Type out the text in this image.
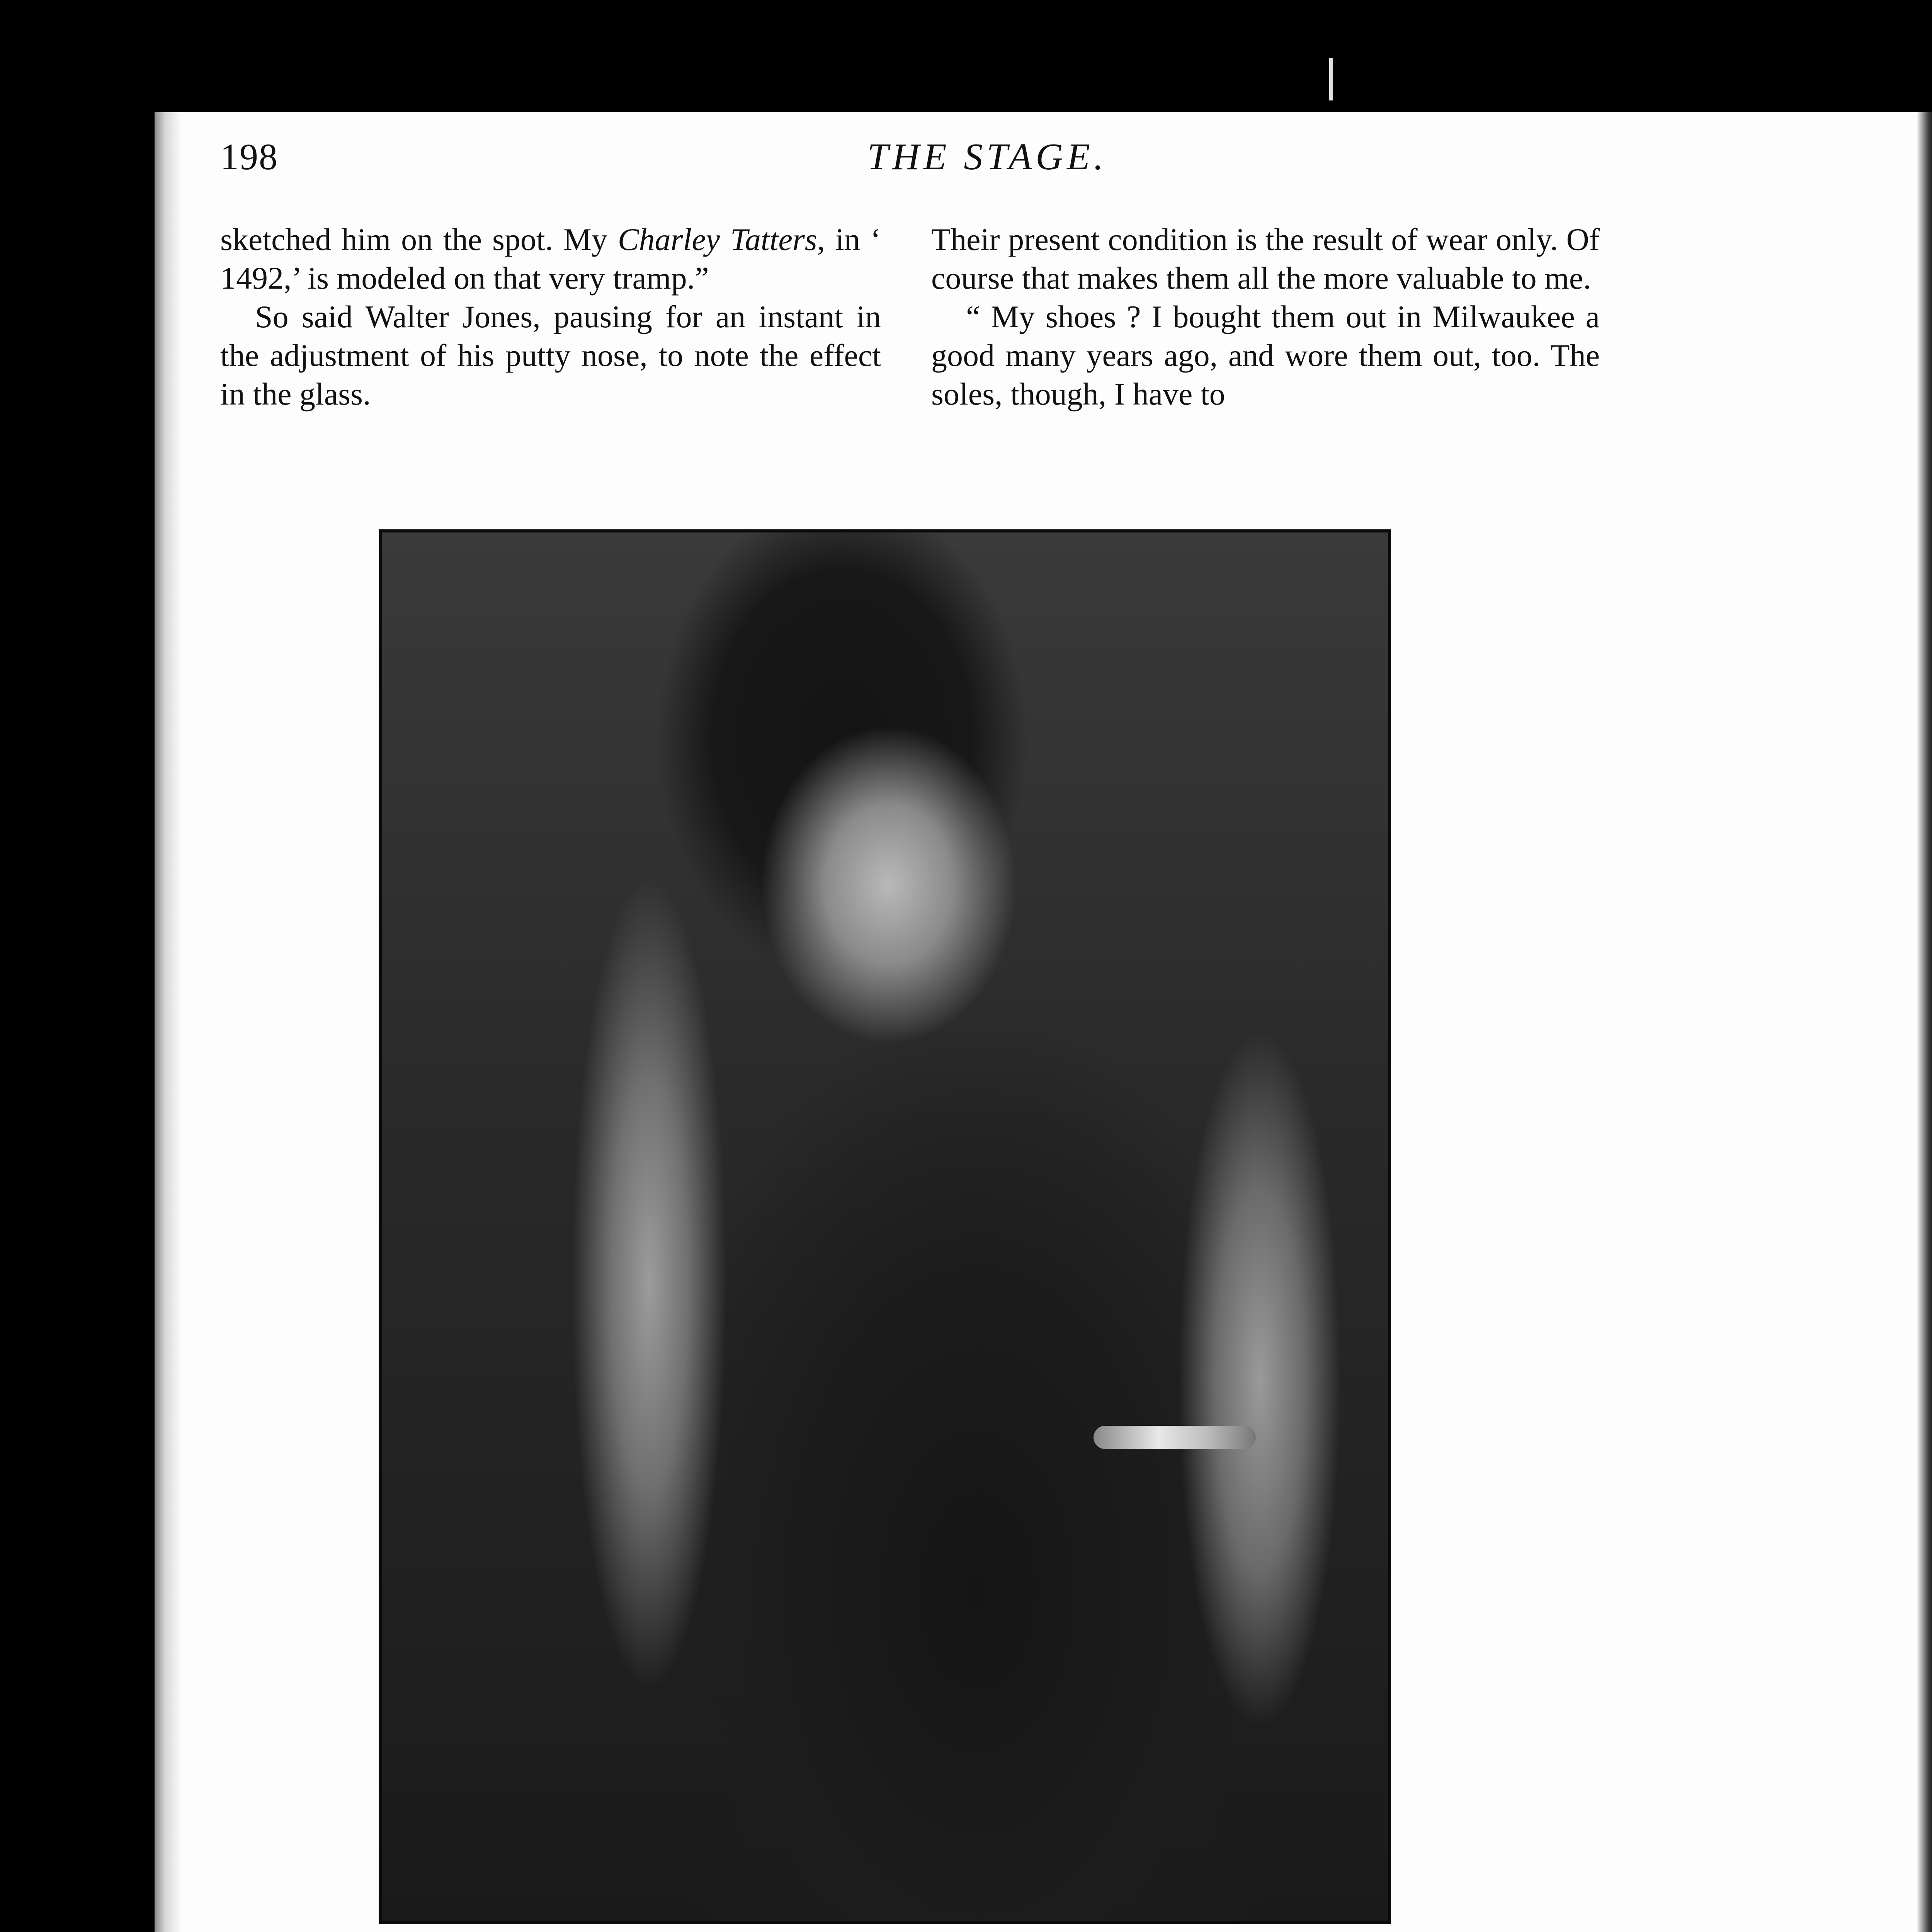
198	THE STAGE.

sketched him on the spot. My Charley Tatters, in ‘ 1492,’ is modeled on that very tramp.”

So said Walter Jones, pausing for an instant in the adjustment of his putty nose, to note the effect in the glass.

Their present condition is the result of wear only. Of course that makes them all the more valuable to me.

“ My shoes ? I bought them out in Milwaukee a good many years ago, and wore them out, too. The soles, though, I have to
